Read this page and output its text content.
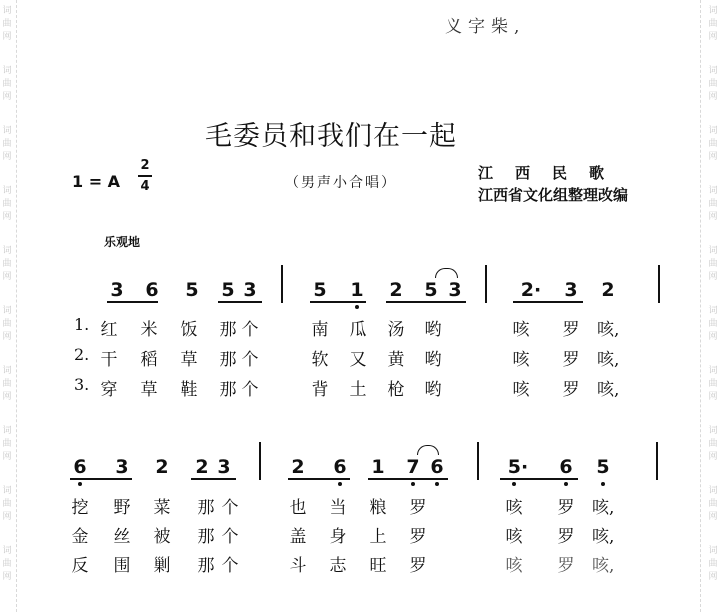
词
曲
网
词
曲
网
词
曲
网
词
曲
网
词
曲
网
词
曲
网
词
曲
网
词
曲
网
词
曲
网
词
曲
网
词
曲
网
词
曲
网
词
曲
网
词
曲
网
词
曲
网
词
曲
网
词
曲
网
词
曲
网
词
曲
网
词
曲
网
义字柴,
毛委员和我们在一起
1 = A
2
4	（男声小合唱）
江西民歌
江西省文化组整理改编
乐观地
3 6 5 5 3	5 1 2 5 3	2· 3 2
1. 红 米 饭 那 个	南 瓜 汤 哟	咳 罗 咳,
2. 干 稻 草 那 个	软 又 黄 哟	咳 罗 咳,
3. 穿 草 鞋 那 个	背 土 枪 哟	咳 罗 咳,
6 3 2 2 3	2 6 1 7 6	5· 6 5
挖 野 菜 那 个	也 当 粮 罗	咳 罗 咳,
金 丝 被 那 个	盖 身 上 罗	咳 罗 咳,
反 围 剿 那 个	斗 志 旺 罗	咳 罗 咳,
